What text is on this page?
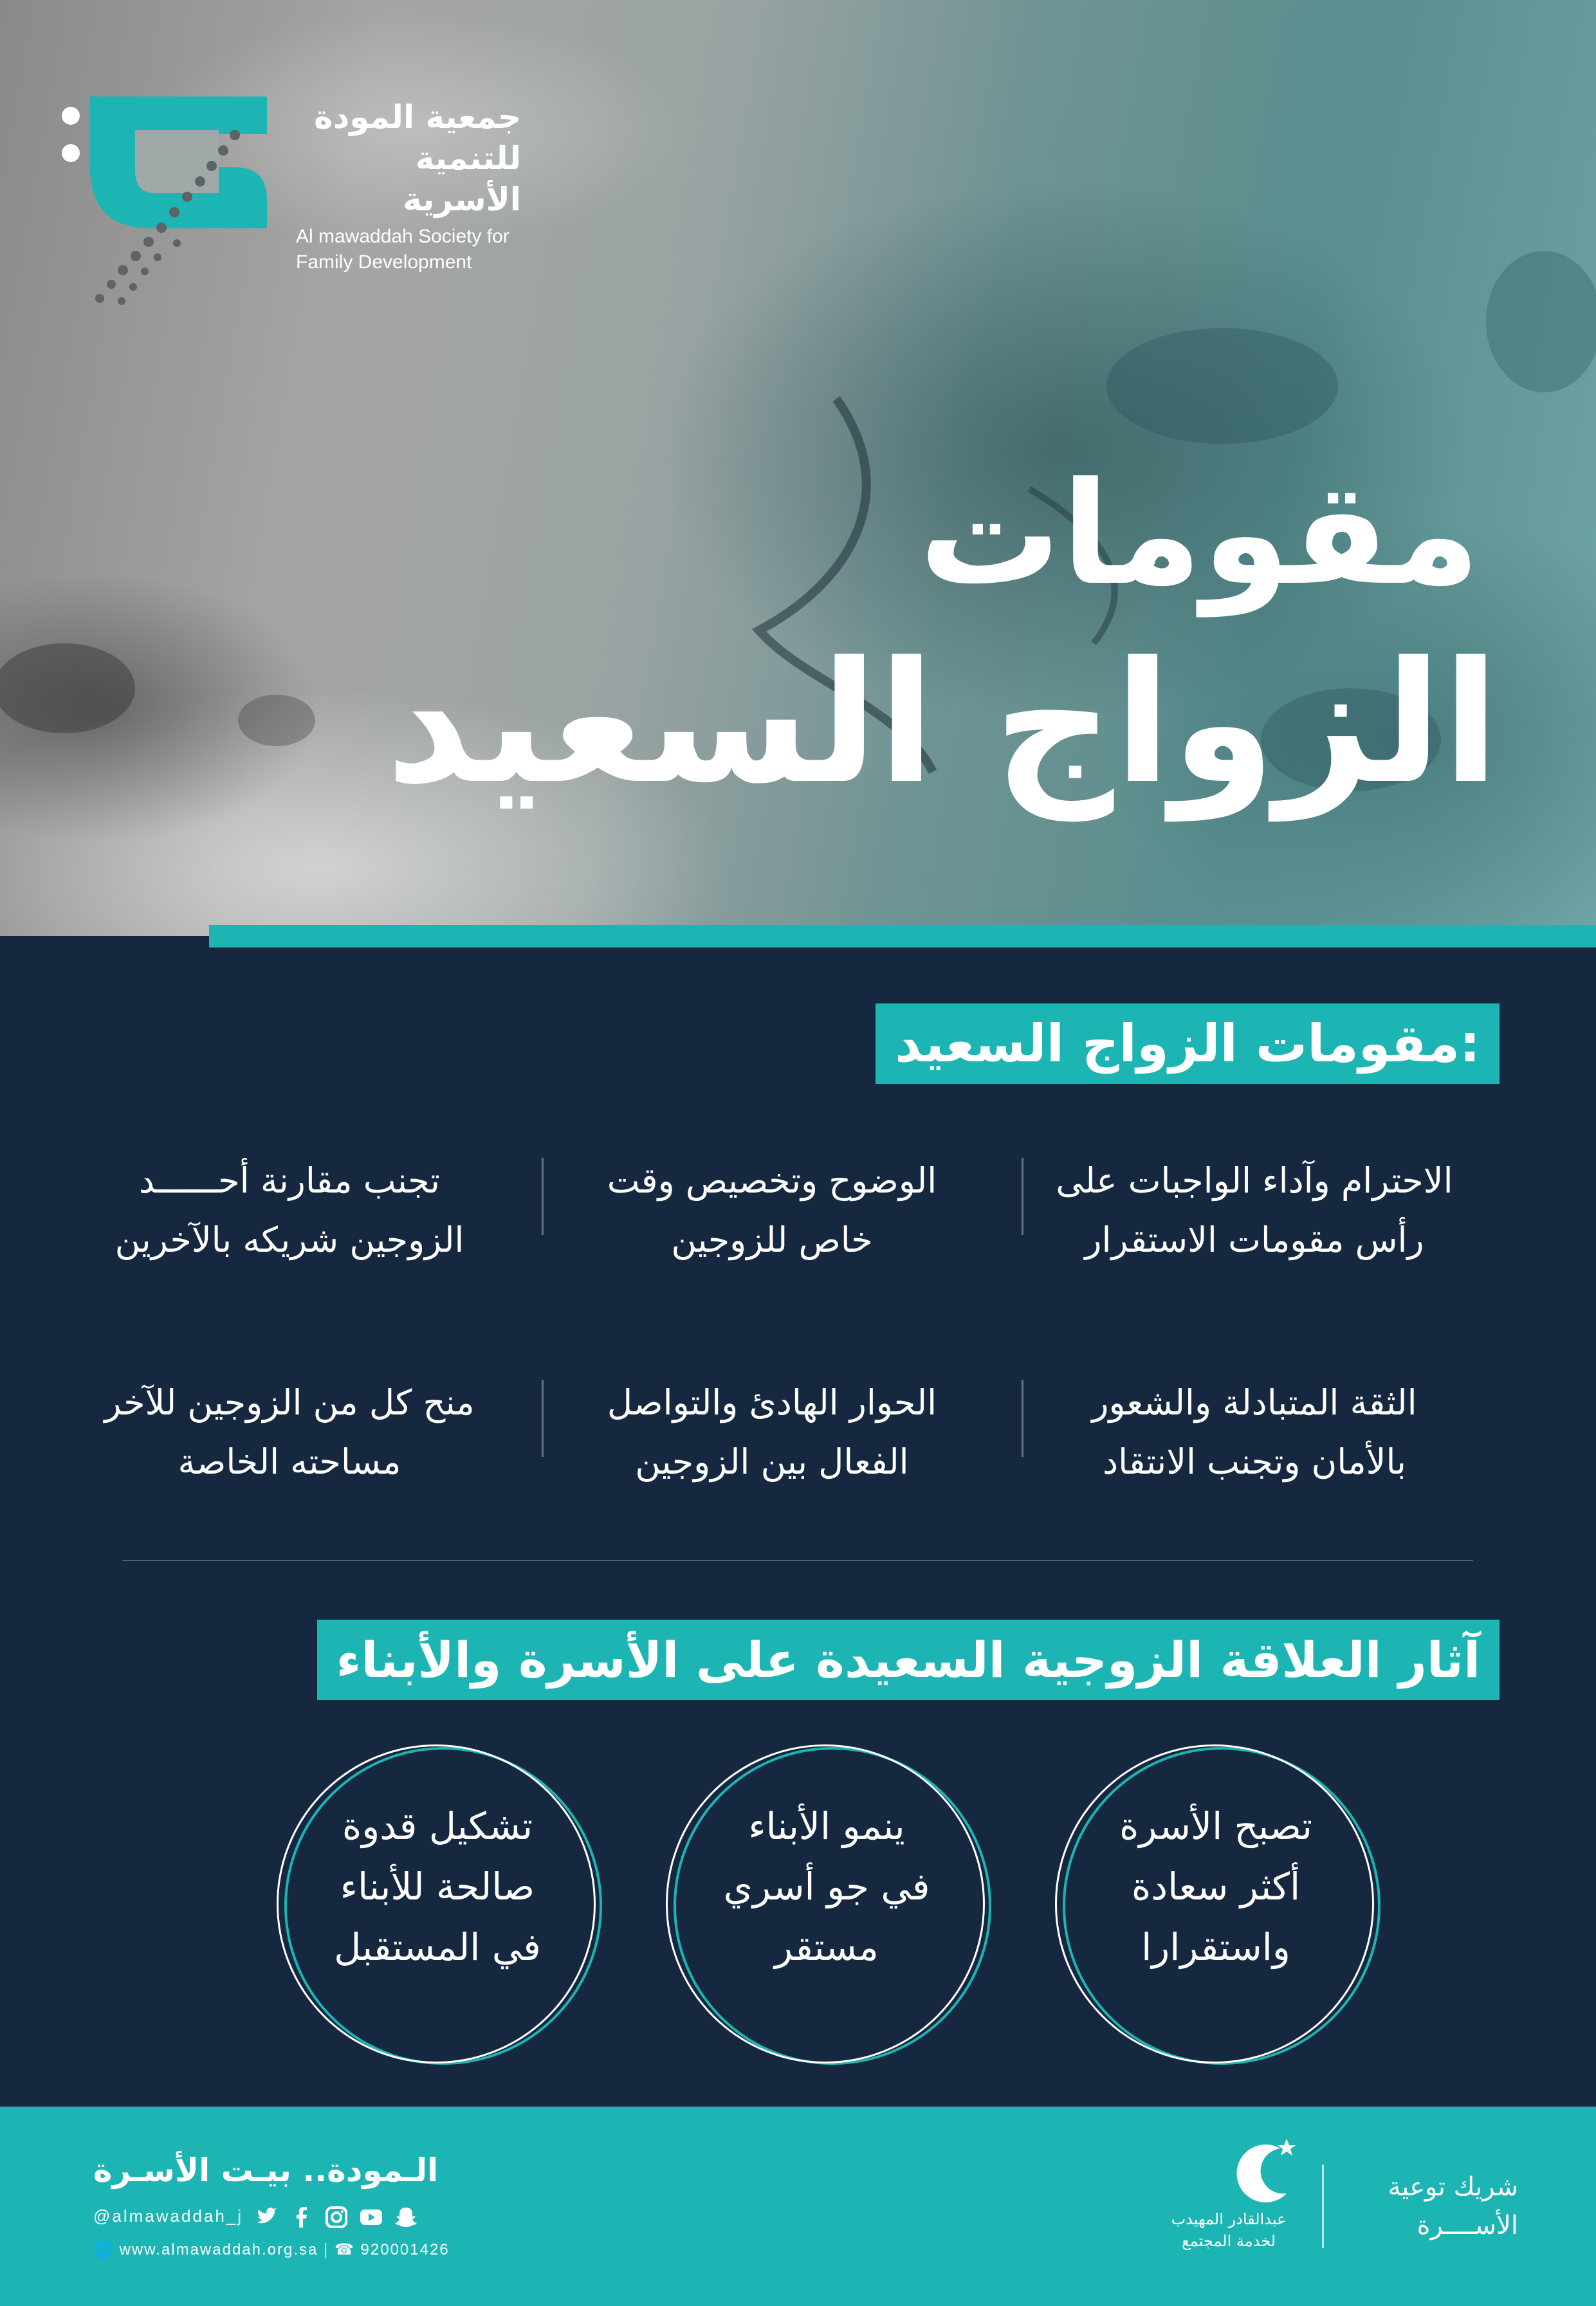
جمعية المودة
للتنمية الأسرية
Al mawaddah Society for
Family Development
مقومات
الزواج السعيد
مقومات الزواج السعيد:
الاحترام وآداء الواجبات على
رأس مقومات الاستقرار
الوضوح وتخصيص وقت
خاص للزوجين
تجنب مقارنة أحــــــد
الزوجين شريكه بالآخرين
الثقة المتبادلة والشعور
بالأمان وتجنب الانتقاد
الحوار الهادئ والتواصل
الفعال بين الزوجين
منح كل من الزوجين للآخر
مساحته الخاصة
آثار العلاقة الزوجية السعيدة على الأسرة والأبناء
تصبح الأسرة
أكثر سعادة
واستقرارا
ينمو الأبناء
في جو أسري
مستقر
تشكيل قدوة
صالحة للأبناء
في المستقبل
الـمودة.. بيـت الأسـرة
@almawaddah_j
🌐 www.almawaddah.org.sa | ☎ 920001426
عبدالقادر المهيدب
لخدمة المجتمع
شريك توعية
الأســــرة
